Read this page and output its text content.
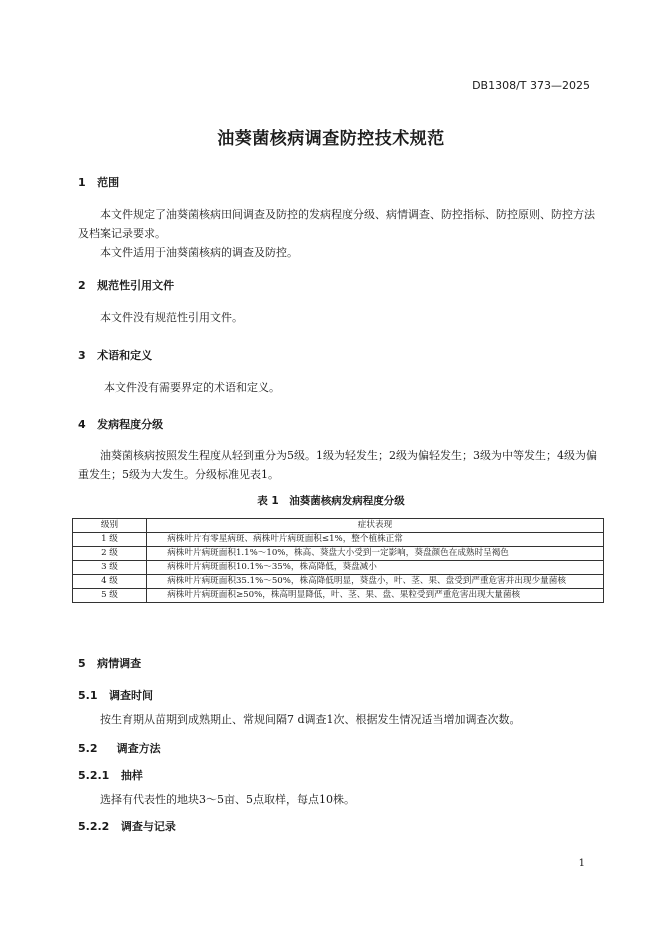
DB1308/T 373—2025
油葵菌核病调查防控技术规范
1 范围

本文件规定了油葵菌核病田间调查及防控的发病程度分级、病情调查、防控指标、防控原则、防控方法及档案记录要求。

本文件适用于油葵菌核病的调查及防控。

2 规范性引用文件

本文件没有规范性引用文件。

3 术语和定义

本文件没有需要界定的术语和定义。

4 发病程度分级

油葵菌核病按照发生程度从轻到重分为5级。1级为轻发生；2级为偏轻发生；3级为中等发生；4级为偏重发生；5级为大发生。分级标准见表1。

表 1　油葵菌核病发病程度分级
级别	症状表现
1 级	病株叶片有零星病斑、病株叶片病斑面积≤1%，整个植株正常
2 级	病株叶片病斑面积1.1%～10%，株高、葵盘大小受到一定影响，葵盘颜色在成熟时呈褐色
3 级	病株叶片病斑面积10.1%～35%，株高降低，葵盘减小
4 级	病株叶片病斑面积35.1%～50%，株高降低明显，葵盘小，叶、茎、果、盘受到严重危害并出现少量菌核
5 级	病株叶片病斑面积≥50%，株高明显降低，叶、茎、果、盘、果粒受到严重危害出现大量菌核
5 病情调查
5.1 调查时间

按生育期从苗期到成熟期止、常规间隔7 d调查1次、根据发生情况适当增加调查次数。

5.2 调查方法
5.2.1 抽样

选择有代表性的地块3～5亩、5点取样，每点10株。

5.2.2 调查与记录
1
